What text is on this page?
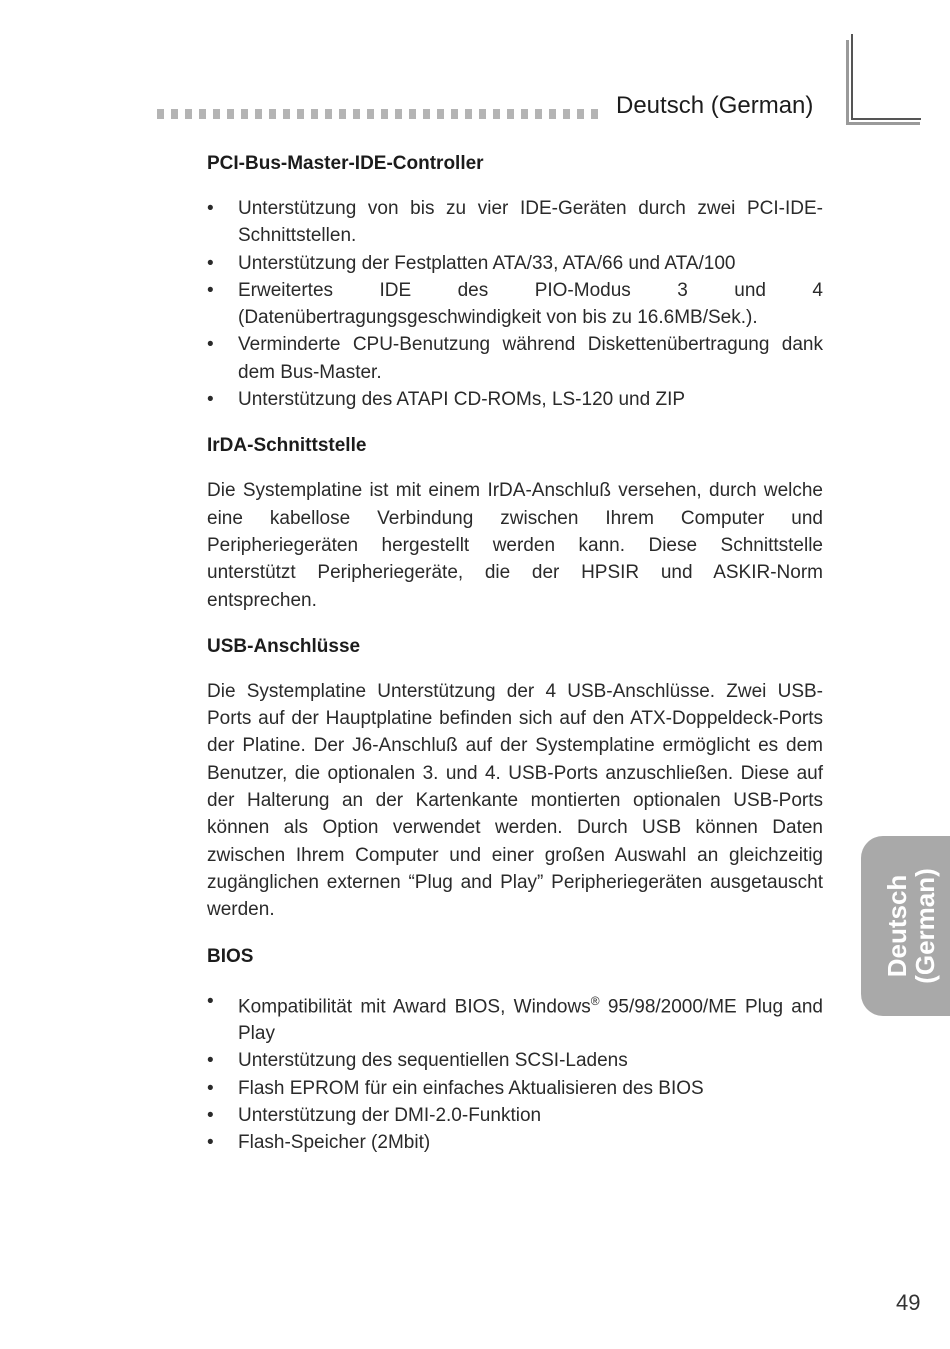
Deutsch (German)
PCI-Bus-Master-IDE-Controller
• Unterstützung von bis zu vier IDE-Geräten durch zwei PCI-IDE-Schnittstellen.
• Unterstützung der Festplatten ATA/33, ATA/66 und ATA/100
• Erweitertes IDE des PIO-Modus 3 und 4 (Datenübertragungsgeschwindigkeit von bis zu 16.6MB/Sek.).
• Verminderte CPU-Benutzung während Diskettenübertragung dank dem Bus-Master.
• Unterstützung des ATAPI CD-ROMs, LS-120 und ZIP
IrDA-Schnittstelle

Die Systemplatine ist mit einem IrDA-Anschluß versehen, durch welche eine kabellose Verbindung zwischen Ihrem Computer und Peripheriegeräten hergestellt werden kann. Diese Schnittstelle unterstützt Peripheriegeräte, die der HPSIR und ASKIR-Norm entsprechen.

USB-Anschlüsse

Die Systemplatine Unterstützung der 4 USB-Anschlüsse. Zwei USB-Ports auf der Hauptplatine befinden sich auf den ATX-Doppeldeck-Ports der Platine. Der J6-Anschluß auf der Systemplatine ermöglicht es dem Benutzer, die optionalen 3. und 4. USB-Ports anzuschließen. Diese auf der Halterung an der Kartenkante montierten optionalen USB-Ports können als Option verwendet werden. Durch USB können Daten zwischen Ihrem Computer und einer großen Auswahl an gleichzeitig zugänglichen externen “Plug and Play” Peripheriegeräten ausgetauscht werden.

BIOS
• Kompatibilität mit Award BIOS, Windows® 95/98/2000/ME Plug and Play
• Unterstützung des sequentiellen SCSI-Ladens
• Flash EPROM für ein einfaches Aktualisieren des BIOS
• Unterstützung der DMI-2.0-Funktion
• Flash-Speicher (2Mbit)
Deutsch
(German)
49
